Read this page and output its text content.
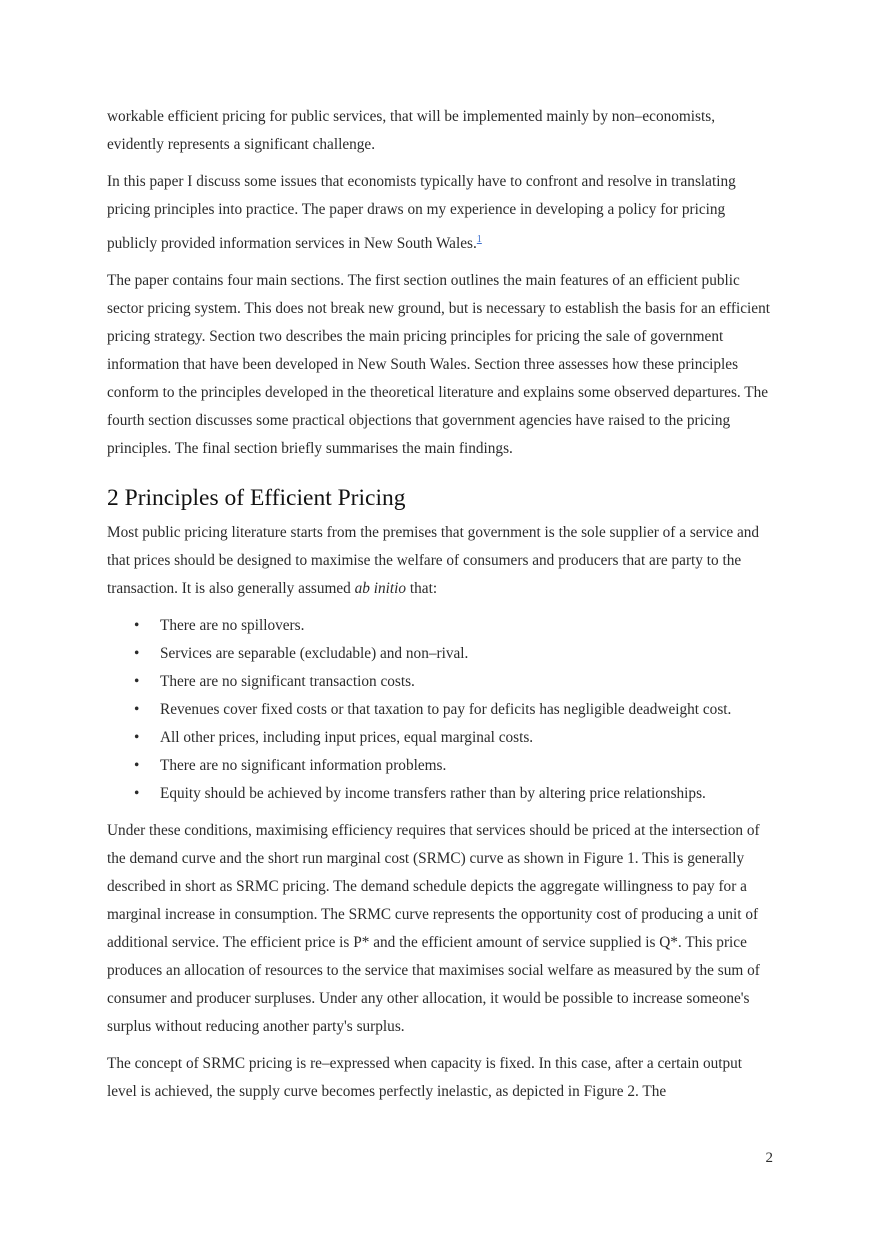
workable efficient pricing for public services, that will be implemented mainly by non–economists, evidently represents a significant challenge.

In this paper I discuss some issues that economists typically have to confront and resolve in translating pricing principles into practice. The paper draws on my experience in developing a policy for pricing publicly provided information services in New South Wales.$^1$

The paper contains four main sections. The first section outlines the main features of an efficient public sector pricing system. This does not break new ground, but is necessary to establish the basis for an efficient pricing strategy. Section two describes the main pricing principles for pricing the sale of government information that have been developed in New South Wales. Section three assesses how these principles conform to the principles developed in the theoretical literature and explains some observed departures. The fourth section discusses some practical objections that government agencies have raised to the pricing principles. The final section briefly summarises the main findings.

2 Principles of Efficient Pricing

Most public pricing literature starts from the premises that government is the sole supplier of a service and that prices should be designed to maximise the welfare of consumers and producers that are party to the transaction. It is also generally assumed ab initio that:

• There are no spillovers.
• Services are separable (excludable) and non–rival.
• There are no significant transaction costs.
• Revenues cover fixed costs or that taxation to pay for deficits has negligible deadweight cost.
• All other prices, including input prices, equal marginal costs.
• There are no significant information problems.
• Equity should be achieved by income transfers rather than by altering price relationships.

Under these conditions, maximising efficiency requires that services should be priced at the intersection of the demand curve and the short run marginal cost (SRMC) curve as shown in Figure 1. This is generally described in short as SRMC pricing. The demand schedule depicts the aggregate willingness to pay for a marginal increase in consumption. The SRMC curve represents the opportunity cost of producing a unit of additional service. The efficient price is P* and the efficient amount of service supplied is Q*. This price produces an allocation of resources to the service that maximises social welfare as measured by the sum of consumer and producer surpluses. Under any other allocation, it would be possible to increase someone's surplus without reducing another party's surplus.

The concept of SRMC pricing is re–expressed when capacity is fixed. In this case, after a certain output level is achieved, the supply curve becomes perfectly inelastic, as depicted in Figure 2. The

2
